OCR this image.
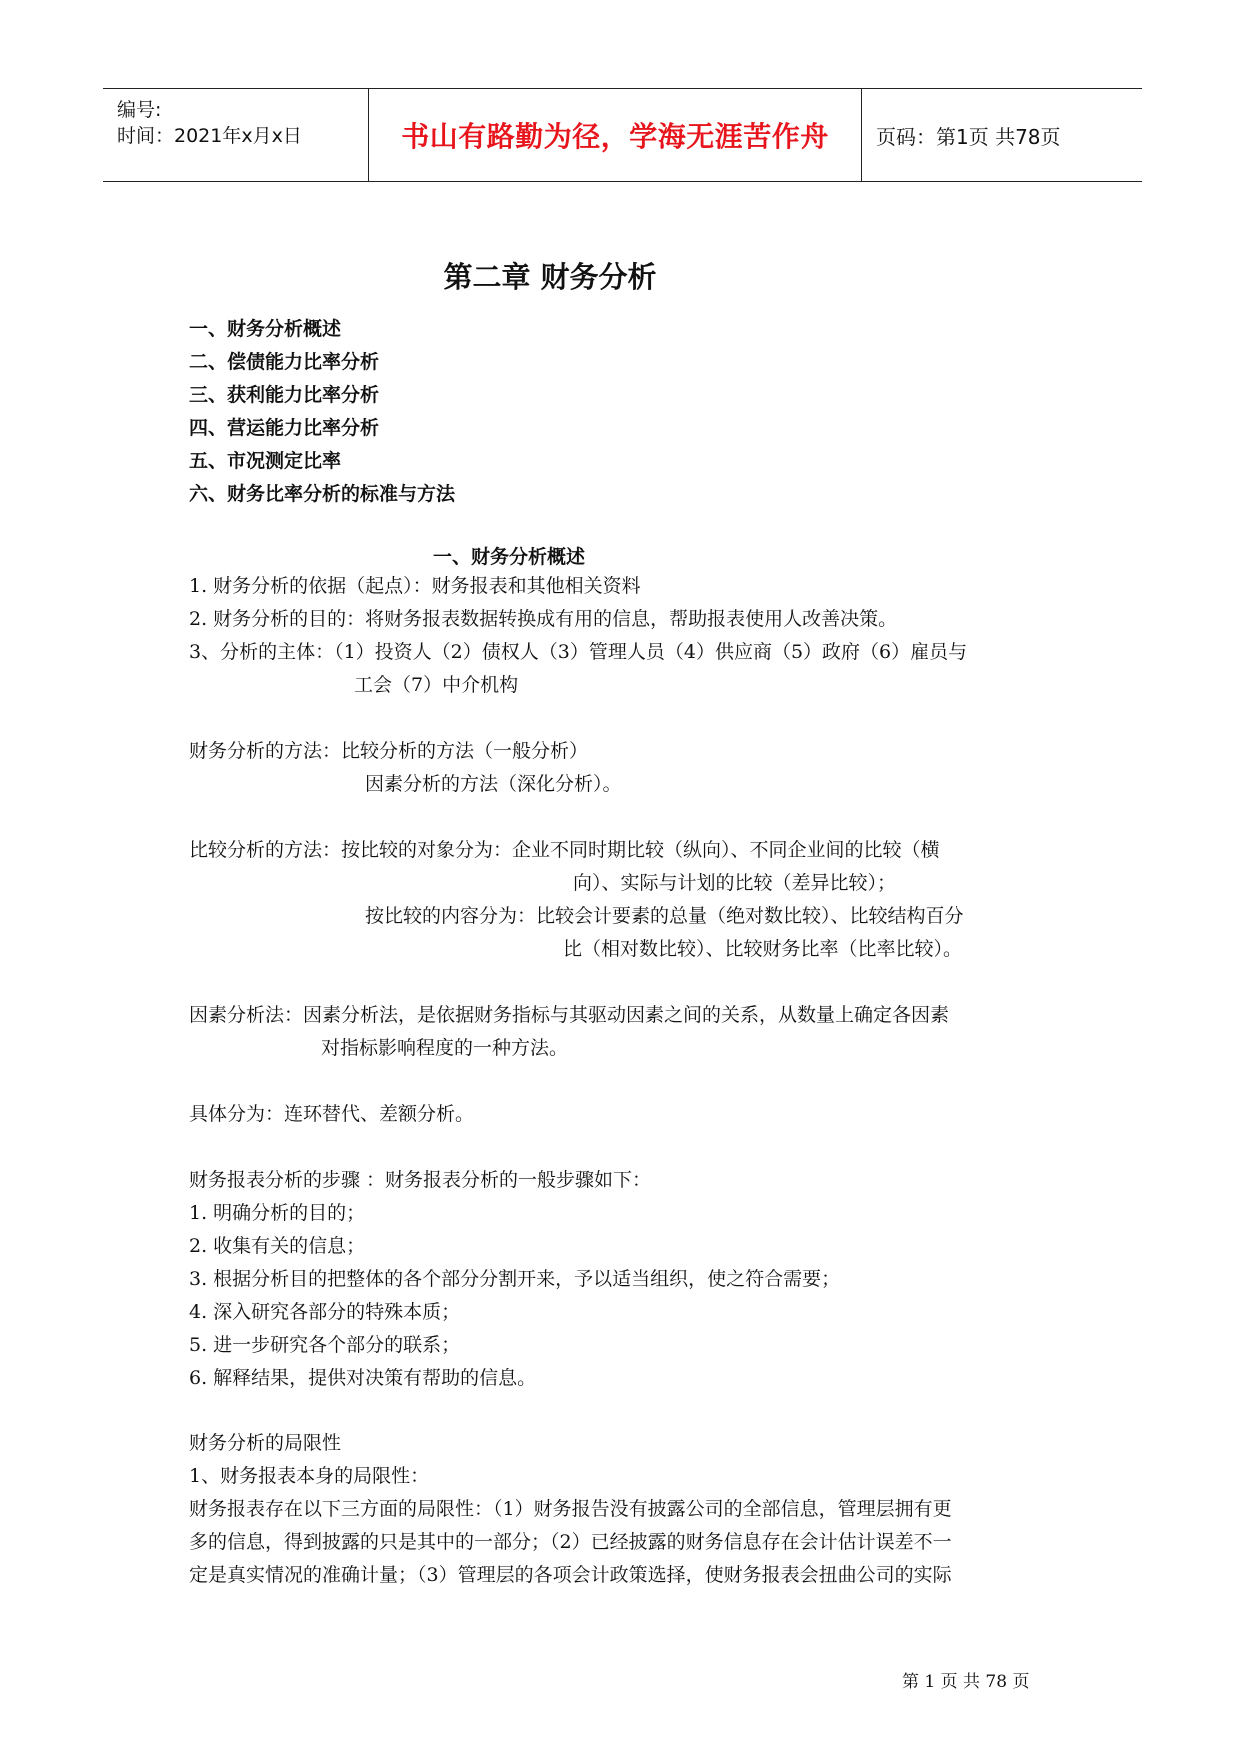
编号:
时间：2021年x月x日	书山有路勤为径，学海无涯苦作舟 页码：第1页 共78页
第二章 财务分析
一、财务分析概述
二、偿债能力比率分析
三、获利能力比率分析
四、营运能力比率分析
五、市况测定比率
六、财务比率分析的标准与方法
一、财务分析概述
1. 财务分析的依据（起点）：财务报表和其他相关资料
2. 财务分析的目的：将财务报表数据转换成有用的信息，帮助报表使用人改善决策。
3、分析的主体：（1）投资人（2）债权人（3）管理人员（4）供应商（5）政府（6）雇员与
工会（7）中介机构
财务分析的方法：比较分析的方法（一般分析）
因素分析的方法（深化分析）。
比较分析的方法：按比较的对象分为：企业不同时期比较（纵向）、不同企业间的比较（横
向）、实际与计划的比较（差异比较）；
按比较的内容分为：比较会计要素的总量（绝对数比较）、比较结构百分
比（相对数比较）、比较财务比率（比率比较）。
因素分析法：因素分析法，是依据财务指标与其驱动因素之间的关系，从数量上确定各因素
对指标影响程度的一种方法。
具体分为：连环替代、差额分析。
财务报表分析的步骤 ：财务报表分析的一般步骤如下：
1. 明确分析的目的；
2. 收集有关的信息；
3. 根据分析目的把整体的各个部分分割开来，予以适当组织，使之符合需要；
4. 深入研究各部分的特殊本质；
5. 进一步研究各个部分的联系；
6. 解释结果，提供对决策有帮助的信息。
财务分析的局限性
1、财务报表本身的局限性：
财务报表存在以下三方面的局限性：（1）财务报告没有披露公司的全部信息，管理层拥有更
多的信息，得到披露的只是其中的一部分；（2）已经披露的财务信息存在会计估计误差不一
定是真实情况的准确计量；（3）管理层的各项会计政策选择，使财务报表会扭曲公司的实际
第 1 页 共 78 页
